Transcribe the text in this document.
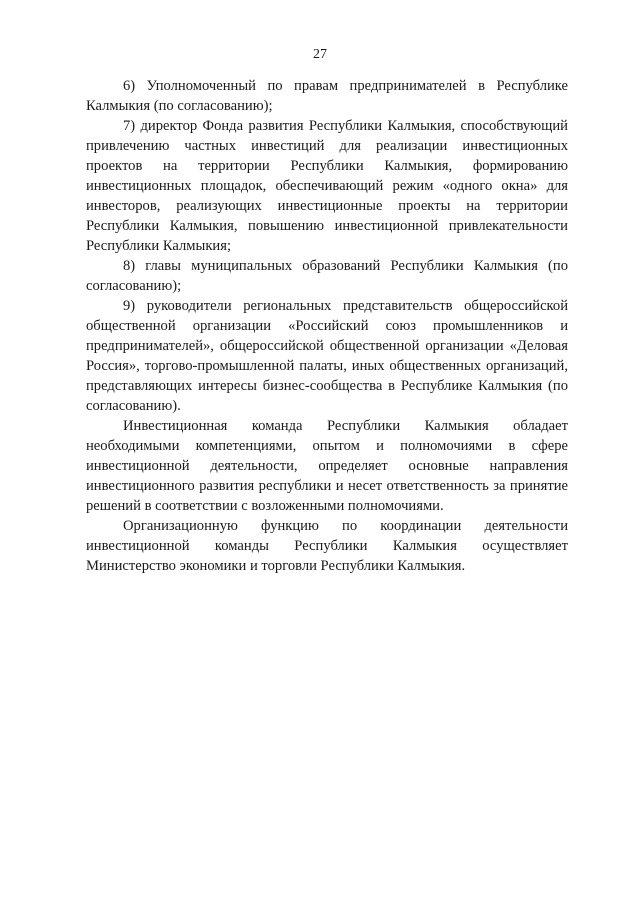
27

6) Уполномоченный по правам предпринимателей в Республике Калмыкия (по согласованию);

7) директор Фонда развития Республики Калмыкия, способствующий привлечению частных инвестиций для реализации инвестиционных проектов на территории Республики Калмыкия, формированию инвестиционных площадок, обеспечивающий режим «одного окна» для инвесторов, реализующих инвестиционные проекты на территории Республики Калмыкия, повышению инвестиционной привлекательности Республики Калмыкия;

8) главы муниципальных образований Республики Калмыкия (по согласованию);

9) руководители региональных представительств общероссийской общественной организации «Российский союз промышленников и предпринимателей», общероссийской общественной организации «Деловая Россия», торгово-промышленной палаты, иных общественных организаций, представляющих интересы бизнес-сообщества в Республике Калмыкия (по согласованию).

Инвестиционная команда Республики Калмыкия обладает необходимыми компетенциями, опытом и полномочиями в сфере инвестиционной деятельности, определяет основные направления инвестиционного развития республики и несет ответственность за принятие решений в соответствии с возложенными полномочиями.

Организационную функцию по координации деятельности инвестиционной команды Республики Калмыкия осуществляет Министерство экономики и торговли Республики Калмыкия.
